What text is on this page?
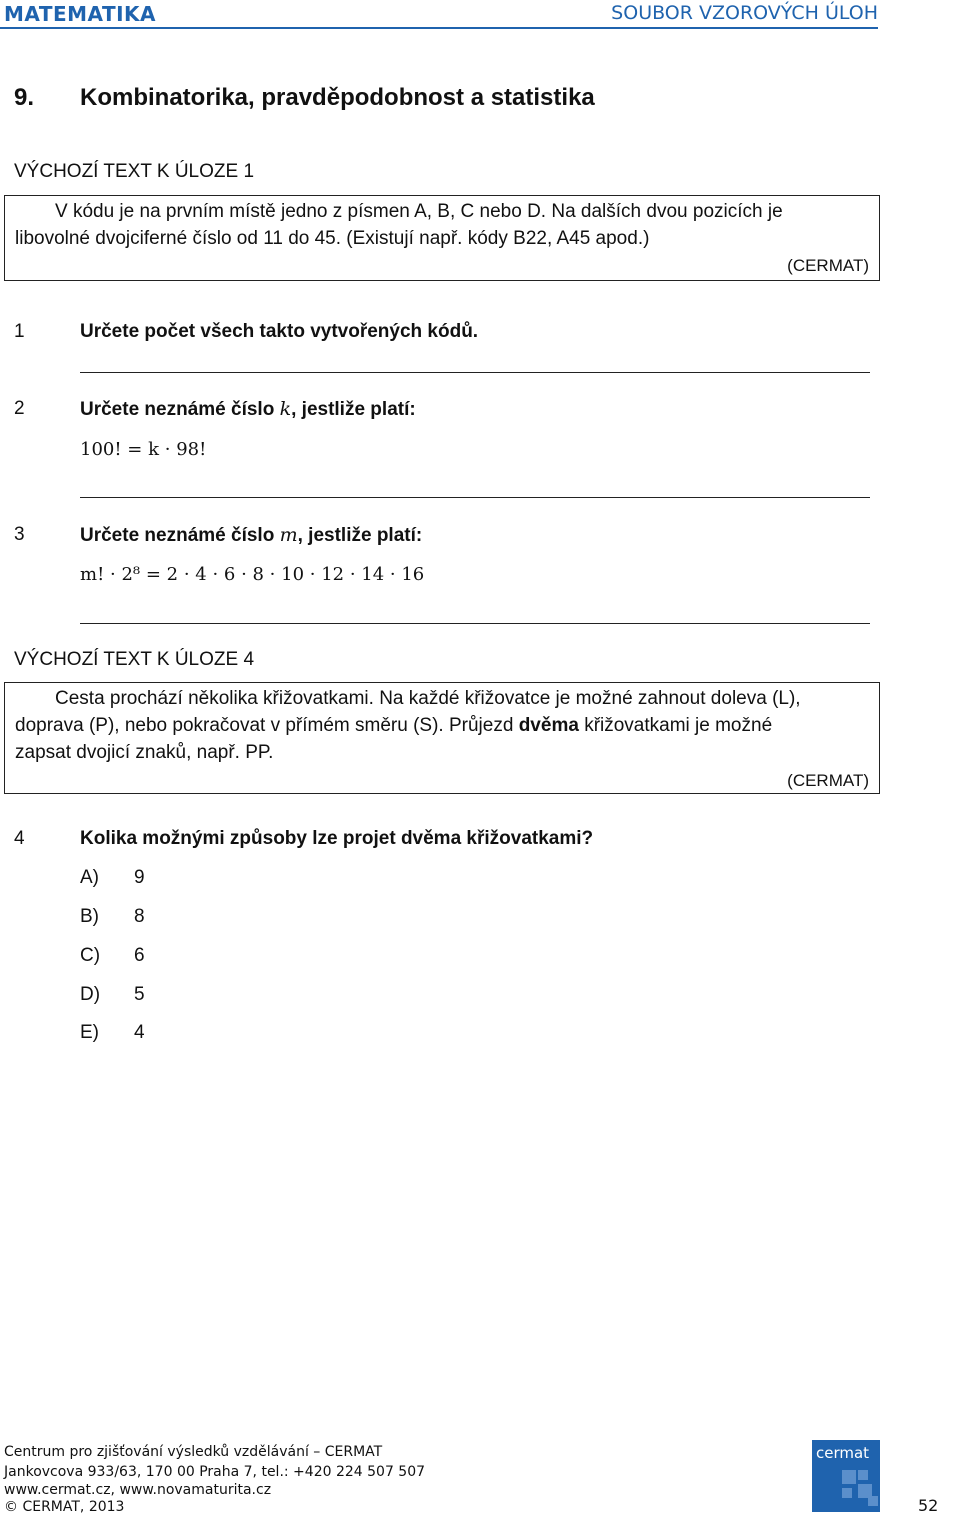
MATEMATIKA	SOUBOR VZOROVÝCH ÚLOH
9. Kombinatorika, pravděpodobnost a statistika
VÝCHOZÍ TEXT K ÚLOZE 1

V kódu je na prvním místě jedno z písmen A, B, C nebo D. Na dalších dvou pozicích je

libovolné dvojciferné číslo od 11 do 45. (Existují např. kódy B22, A45 apod.)

(CERMAT)
1	Určete počet všech takto vytvořených kódů.
2	Určete neznámé číslo k, jestliže platí:
100! = k · 98!
3	Určete neznámé číslo m, jestliže platí:
m! · 2⁸ = 2 · 4 · 6 · 8 · 10 · 12 · 14 · 16
VÝCHOZÍ TEXT K ÚLOZE 4

Cesta prochází několika křižovatkami. Na každé křižovatce je možné zahnout doleva (L),

doprava (P), nebo pokračovat v přímém směru (S). Průjezd dvěma křižovatkami je možné

zapsat dvojicí znaků, např. PP.

(CERMAT)
4	Kolika možnými způsoby lze projet dvěma křižovatkami?
A) 9
B) 8
C) 6
D) 5
E) 4
Centrum pro zjišťování výsledků vzdělávání – CERMAT
Jankovcova 933/63, 170 00 Praha 7, tel.: +420 224 507 507
www.cermat.cz, www.novamaturita.cz
© CERMAT, 2013
cermat
52
